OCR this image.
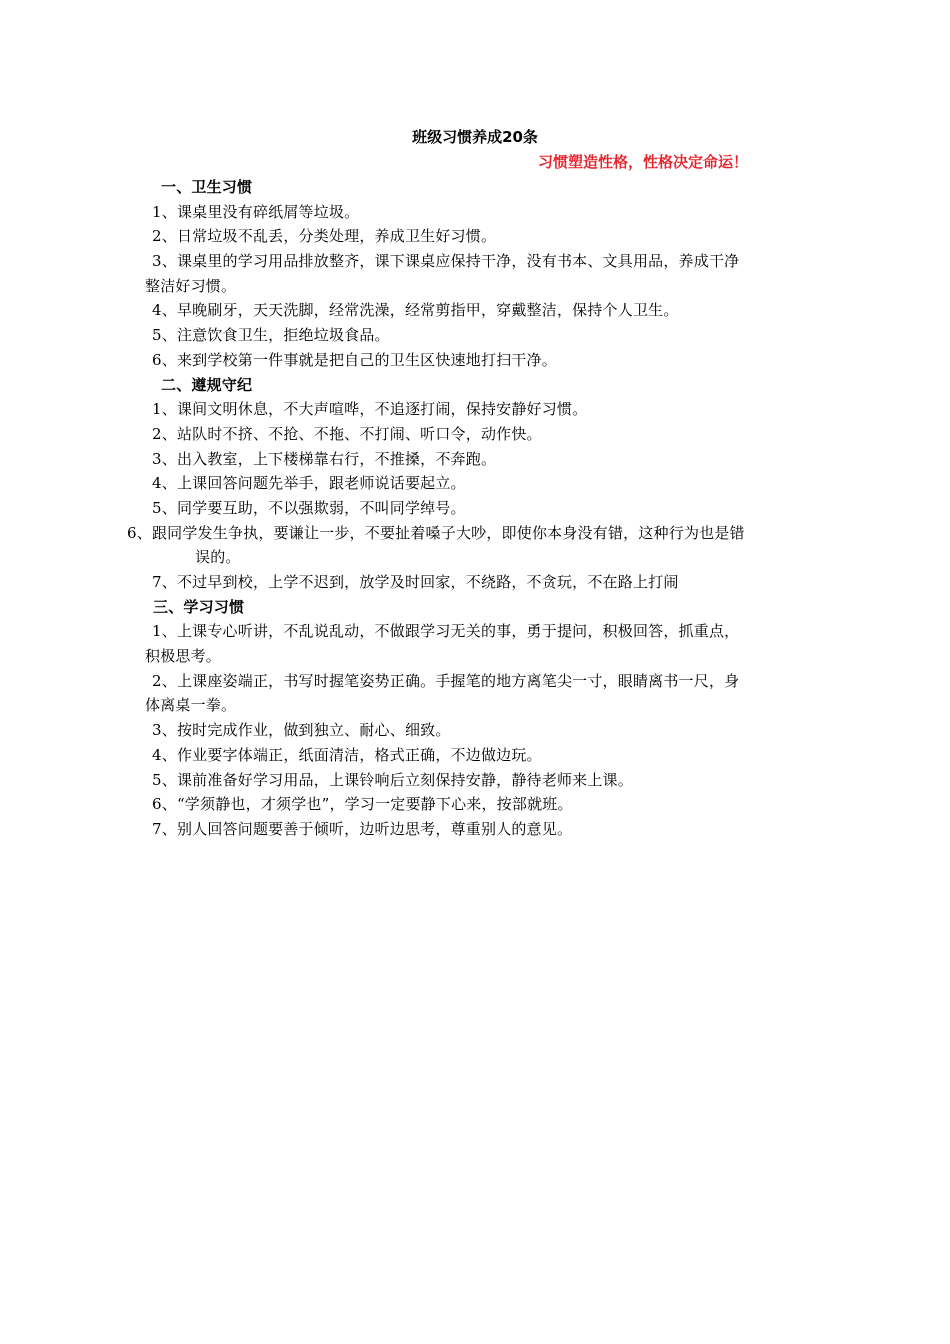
班级习惯养成20条
习惯塑造性格，性格决定命运！
一、卫生习惯
1、课桌里没有碎纸屑等垃圾。
2、日常垃圾不乱丢，分类处理，养成卫生好习惯。
3、课桌里的学习用品排放整齐，课下课桌应保持干净，没有书本、文具用品，养成干净
整洁好习惯。
4、早晚刷牙，天天洗脚，经常洗澡，经常剪指甲，穿戴整洁，保持个人卫生。
5、注意饮食卫生，拒绝垃圾食品。
6、来到学校第一件事就是把自己的卫生区快速地打扫干净。
二、遵规守纪
1、课间文明休息，不大声喧哗，不追逐打闹，保持安静好习惯。
2、站队时不挤、不抢、不拖、不打闹、听口令，动作快。
3、出入教室，上下楼梯靠右行，不推搡，不奔跑。
4、上课回答问题先举手，跟老师说话要起立。
5、同学要互助，不以强欺弱，不叫同学绰号。
6、跟同学发生争执，要谦让一步，不要扯着嗓子大吵，即使你本身没有错，这种行为也是错
误的。
7、不过早到校，上学不迟到，放学及时回家，不绕路，不贪玩，不在路上打闹
三、学习习惯
1、上课专心听讲，不乱说乱动，不做跟学习无关的事，勇于提问，积极回答，抓重点，
积极思考。
2、上课座姿端正，书写时握笔姿势正确。手握笔的地方离笔尖一寸，眼睛离书一尺，身
体离桌一拳。
3、按时完成作业，做到独立、耐心、细致。
4、作业要字体端正，纸面清洁，格式正确，不边做边玩。
5、课前准备好学习用品，上课铃响后立刻保持安静，静待老师来上课。
6、“学须静也，才须学也”，学习一定要静下心来，按部就班。
7、别人回答问题要善于倾听，边听边思考，尊重别人的意见。
